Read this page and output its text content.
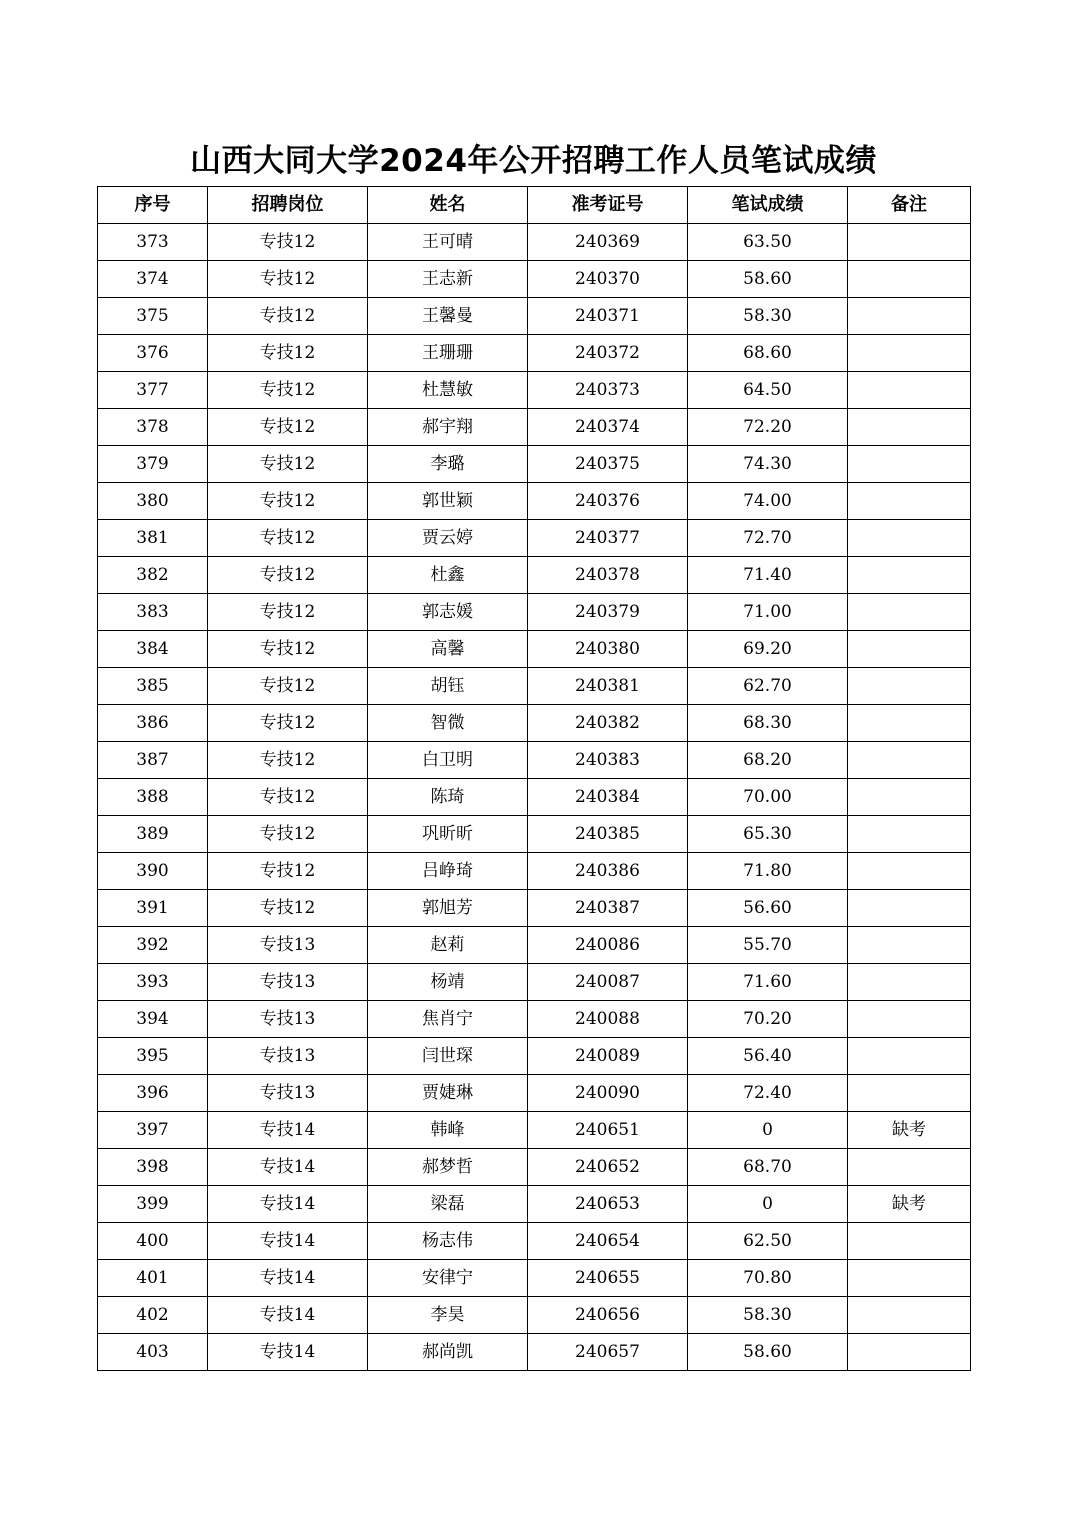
山西大同大学2024年公开招聘工作人员笔试成绩
序号	招聘岗位	姓名	准考证号	笔试成绩	备注
373	专技12	王可晴	240369	63.50	
374	专技12	王志新	240370	58.60	
375	专技12	王馨曼	240371	58.30	
376	专技12	王珊珊	240372	68.60	
377	专技12	杜慧敏	240373	64.50	
378	专技12	郝宇翔	240374	72.20	
379	专技12	李璐	240375	74.30	
380	专技12	郭世颖	240376	74.00	
381	专技12	贾云婷	240377	72.70	
382	专技12	杜鑫	240378	71.40	
383	专技12	郭志媛	240379	71.00	
384	专技12	高馨	240380	69.20	
385	专技12	胡钰	240381	62.70	
386	专技12	智微	240382	68.30	
387	专技12	白卫明	240383	68.20	
388	专技12	陈琦	240384	70.00	
389	专技12	巩昕昕	240385	65.30	
390	专技12	吕峥琦	240386	71.80	
391	专技12	郭旭芳	240387	56.60	
392	专技13	赵莉	240086	55.70	
393	专技13	杨靖	240087	71.60	
394	专技13	焦肖宁	240088	70.20	
395	专技13	闫世琛	240089	56.40	
396	专技13	贾婕琳	240090	72.40	
397	专技14	韩峰	240651	0	缺考
398	专技14	郝梦哲	240652	68.70	
399	专技14	梁磊	240653	0	缺考
400	专技14	杨志伟	240654	62.50	
401	专技14	安律宁	240655	70.80	
402	专技14	李昊	240656	58.30	
403	专技14	郝尚凯	240657	58.60	
